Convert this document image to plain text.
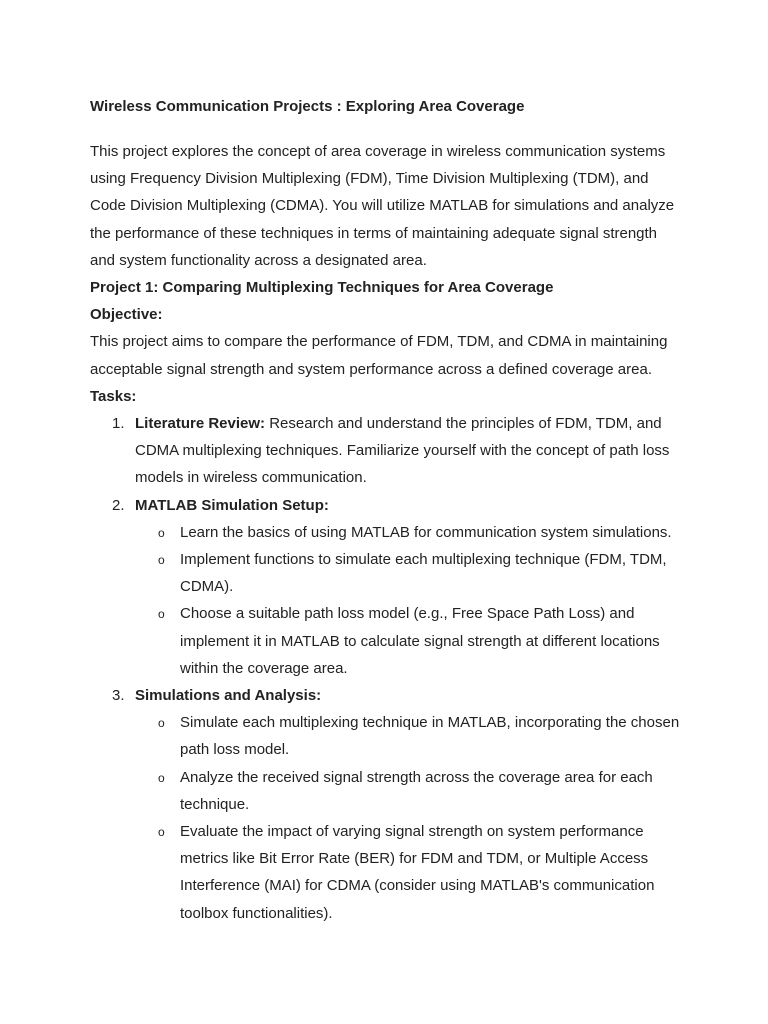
Wireless Communication Projects : Exploring Area Coverage

This project explores the concept of area coverage in wireless communication systems using Frequency Division Multiplexing (FDM), Time Division Multiplexing (TDM), and Code Division Multiplexing (CDMA). You will utilize MATLAB for simulations and analyze the performance of these techniques in terms of maintaining adequate signal strength and system functionality across a designated area.

Project 1: Comparing Multiplexing Techniques for Area Coverage
Objective:

This project aims to compare the performance of FDM, TDM, and CDMA in maintaining acceptable signal strength and system performance across a defined coverage area.

Tasks:
1. Literature Review: Research and understand the principles of FDM, TDM, and CDMA multiplexing techniques. Familiarize yourself with the concept of path loss models in wireless communication.
2. MATLAB Simulation Setup:
o Learn the basics of using MATLAB for communication system simulations.
o Implement functions to simulate each multiplexing technique (FDM, TDM, CDMA).
o Choose a suitable path loss model (e.g., Free Space Path Loss) and implement it in MATLAB to calculate signal strength at different locations within the coverage area.
3. Simulations and Analysis:
o Simulate each multiplexing technique in MATLAB, incorporating the chosen path loss model.
o Analyze the received signal strength across the coverage area for each technique.
o Evaluate the impact of varying signal strength on system performance metrics like Bit Error Rate (BER) for FDM and TDM, or Multiple Access Interference (MAI) for CDMA (consider using MATLAB's communication toolbox functionalities).
